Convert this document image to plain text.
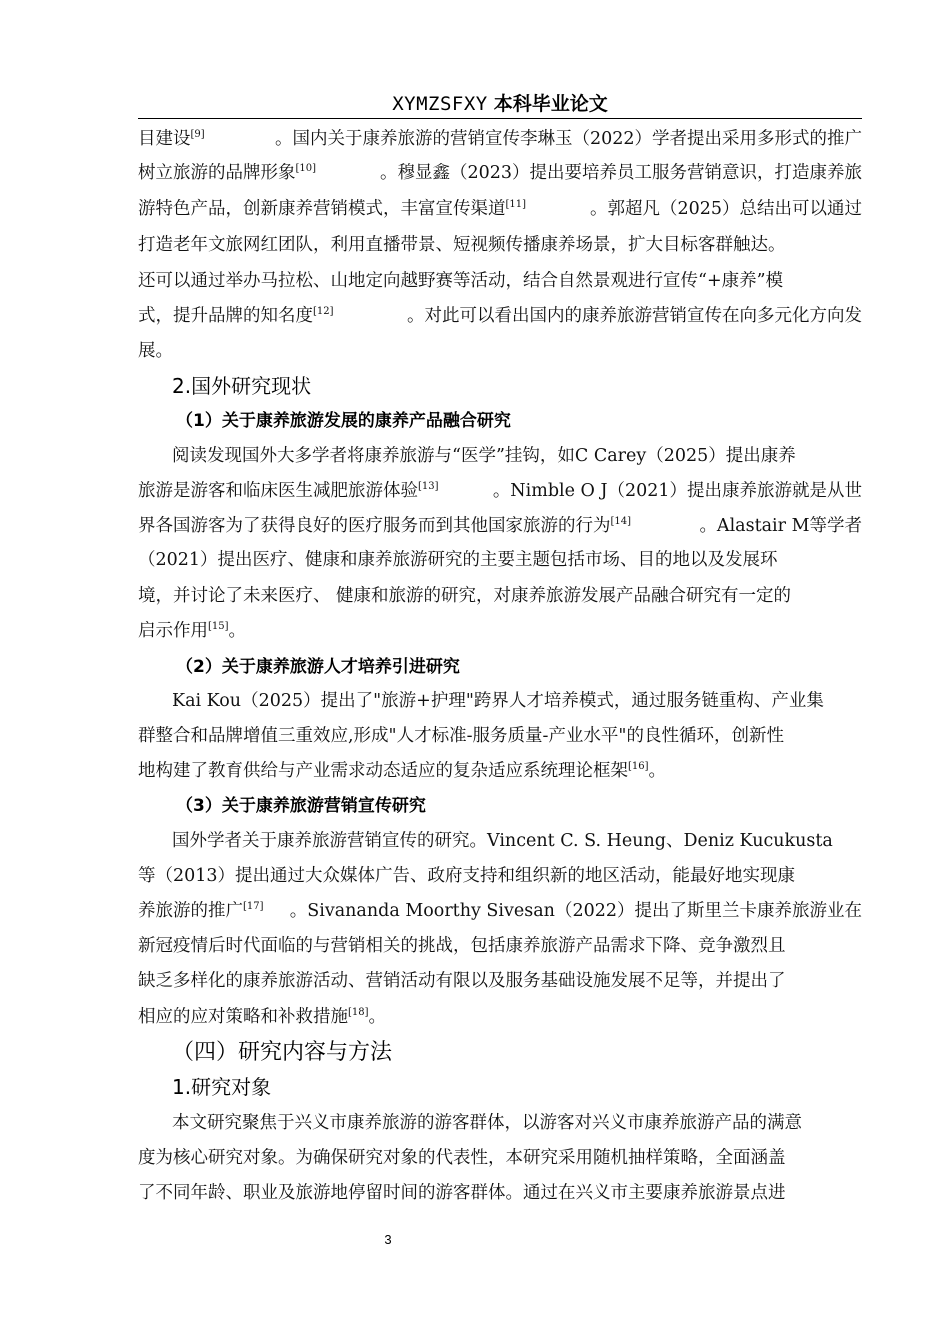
XYMZSFXY 本科毕业论文
目建设[9]	。国内关于康养旅游的营销宣传李琳玉（2022）学者提出采用多形式的推广
树立旅游的品牌形象[10]	。穆显鑫（2023）提出要培养员工服务营销意识，打造康养旅
游特色产品，创新康养营销模式，丰富宣传渠道[11]	。郭超凡（2025）总结出可以通过
打造老年文旅网红团队，利用直播带景、短视频传播康养场景，扩大目标客群触达。
还可以通过举办马拉松、山地定向越野赛等活动，结合自然景观进行宣传“+康养”模
式，提升品牌的知名度[12]	。对此可以看出国内的康养旅游营销宣传在向多元化方向发
展。
2.国外研究现状
（1）关于康养旅游发展的康养产品融合研究
阅读发现国外大多学者将康养旅游与“医学”挂钩，如C Carey（2025）提出康养
旅游是游客和临床医生减肥旅游体验[13]	。Nimble O J（2021）提出康养旅游就是从世
界各国游客为了获得良好的医疗服务而到其他国家旅游的行为[14]	。Alastair M等学者
（2021）提出医疗、健康和康养旅游研究的主要主题包括市场、目的地以及发展环
境，并讨论了未来医疗、 健康和旅游的研究，对康养旅游发展产品融合研究有一定的
启示作用[15]。
（2）关于康养旅游人才培养引进研究
Kai Kou（2025）提出了"旅游+护理"跨界人才培养模式，通过服务链重构、产业集
群整合和品牌增值三重效应,形成"人才标准-服务质量-产业水平"的良性循环，创新性
地构建了教育供给与产业需求动态适应的复杂适应系统理论框架[16]。
（3）关于康养旅游营销宣传研究
国外学者关于康养旅游营销宣传的研究。Vincent C. S. Heung、Deniz Kucukusta
等（2013）提出通过大众媒体广告、政府支持和组织新的地区活动，能最好地实现康
养旅游的推广[17] 。Sivananda Moorthy Sivesan（2022）提出了斯里兰卡康养旅游业在
新冠疫情后时代面临的与营销相关的挑战，包括康养旅游产品需求下降、竞争激烈且
缺乏多样化的康养旅游活动、营销活动有限以及服务基础设施发展不足等，并提出了
相应的应对策略和补救措施[18]。
（四）研究内容与方法
1.研究对象
本文研究聚焦于兴义市康养旅游的游客群体，以游客对兴义市康养旅游产品的满意
度为核心研究对象。为确保研究对象的代表性，本研究采用随机抽样策略，全面涵盖
了不同年龄、职业及旅游地停留时间的游客群体。通过在兴义市主要康养旅游景点进
3
